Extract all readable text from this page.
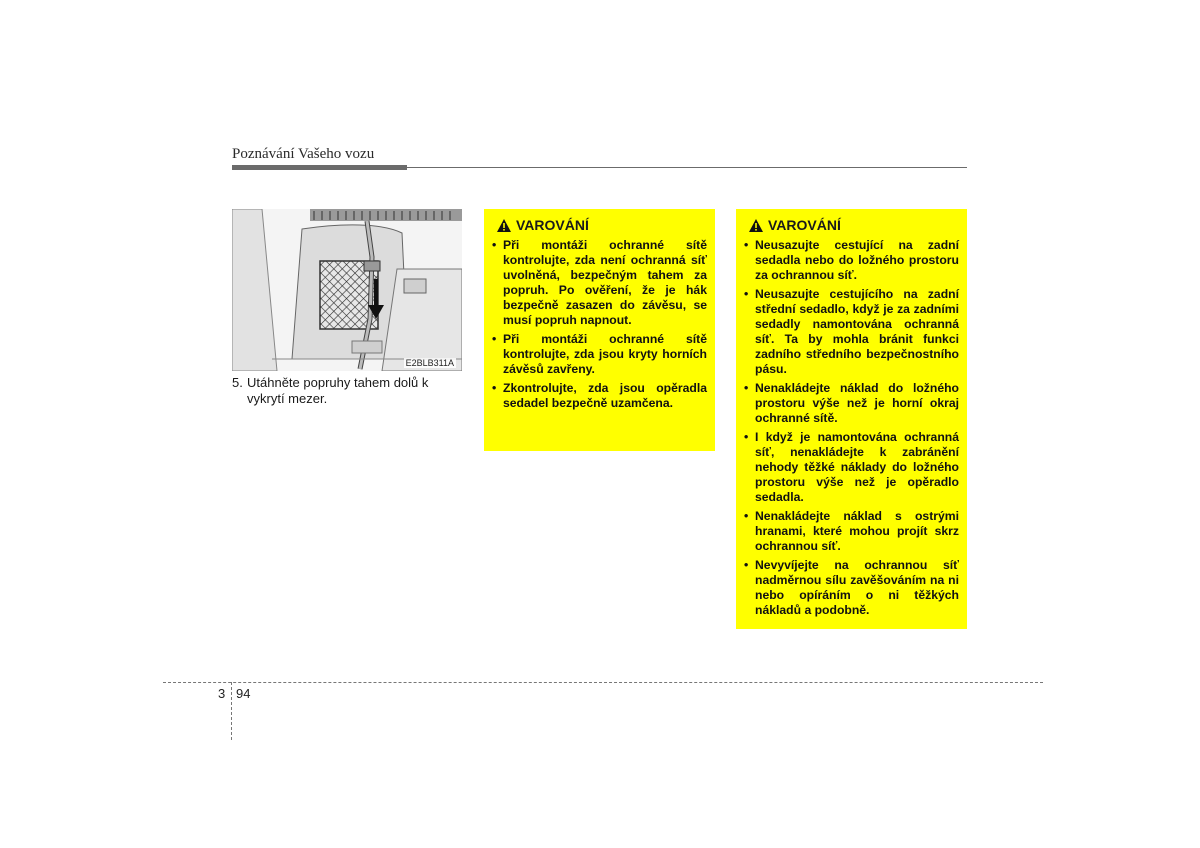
Poznávání Vašeho vozu
E2BLB311A
5. Utáhněte popruhy tahem dolů k
vykrytí mezer.
VAROVÁNÍ
• Při montáži ochranné sítě kontrolujte, zda není ochranná síť uvolněná, bezpečným tahem za popruh. Po ověření, že je hák bezpečně zasazen do závěsu, se musí popruh napnout.
• Při montáži ochranné sítě kontrolujte, zda jsou kryty horních závěsů zavřeny.
• Zkontrolujte, zda jsou opěradla sedadel bezpečně uzamčena.
VAROVÁNÍ
• Neusazujte cestující na zadní sedadla nebo do ložného prostoru za ochrannou síť.
• Neusazujte cestujícího na zadní střední sedadlo, když je za zadními sedadly namontována ochranná síť. Ta by mohla bránit funkci zadního středního bezpečnostního pásu.
• Nenakládejte náklad do ložného prostoru výše než je horní okraj ochranné sítě.
• I když je namontována ochranná síť, nenakládejte k zabránění nehody těžké náklady do ložného prostoru výše než je opěradlo sedadla.
• Nenakládejte náklad s ostrými hranami, které mohou projít skrz ochrannou síť.
• Nevyvíjejte na ochrannou síť nadměrnou sílu zavěšováním na ni nebo opíráním o ni těžkých nákladů a podobně.
3 94
